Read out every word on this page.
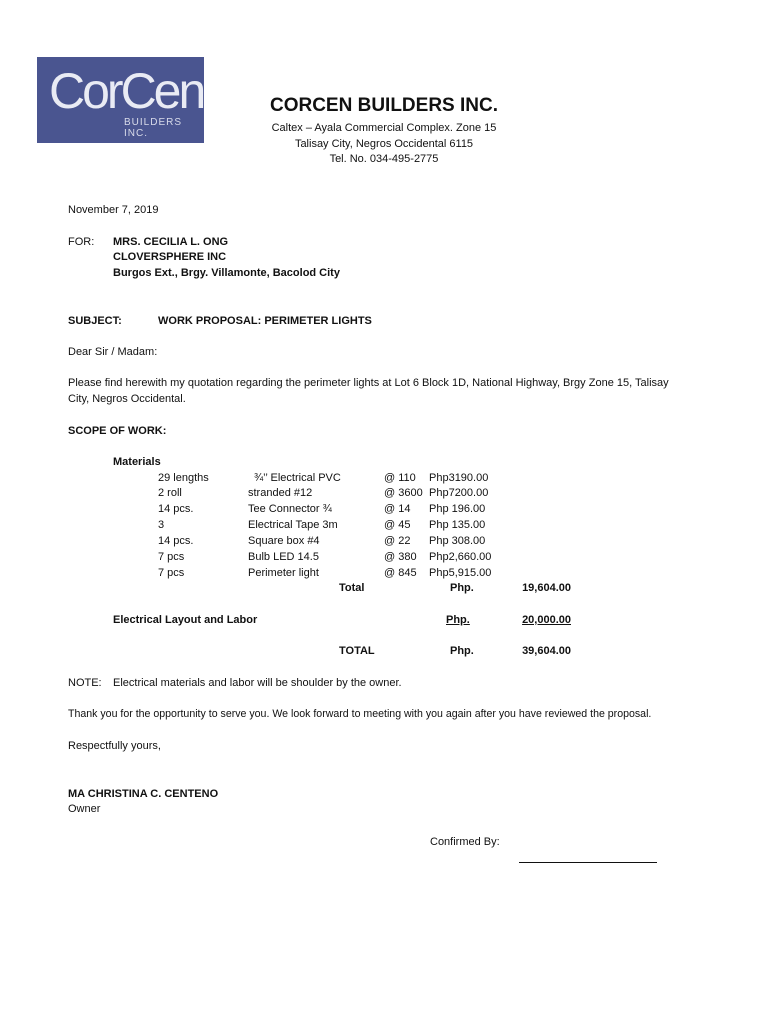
CorCen
BUILDERS INC.
CORCEN BUILDERS INC.
Caltex – Ayala Commercial Complex. Zone 15
Talisay City, Negros Occidental 6115
Tel. No. 034-495-2775
November 7, 2019
FOR: MRS. CECILIA L. ONG
CLOVERSPHERE INC
Burgos Ext., Brgy. Villamonte, Bacolod City
SUBJECT:	WORK PROPOSAL: PERIMETER LIGHTS
Dear Sir / Madam:
Please find herewith my quotation regarding the perimeter lights at Lot 6 Block 1D, National Highway, Brgy Zone 15, Talisay
City, Negros Occidental.
SCOPE OF WORK:
Materials
29 lengths	¾’’ Electrical PVC	@ 110 Php3190.00
2 roll	stranded #12	@ 3600 Php7200.00
14 pcs.	Tee Connector ¾	@ 14 Php 196.00
3	Electrical Tape 3m	@ 45 Php 135.00
14 pcs.	Square box #4	@ 22 Php 308.00
7 pcs	Bulb LED 14.5	@ 380 Php2,660.00
7 pcs	Perimeter light	@ 845 Php5,915.00
Total	Php.	19,604.00
Electrical Layout and Labor	Php.	20,000.00
TOTAL	Php.	39,604.00
NOTE: Electrical materials and labor will be shoulder by the owner.
Thank you for the opportunity to serve you. We look forward to meeting with you again after you have reviewed the proposal.
Respectfully yours,
MA CHRISTINA C. CENTENO
Owner
Confirmed By:
